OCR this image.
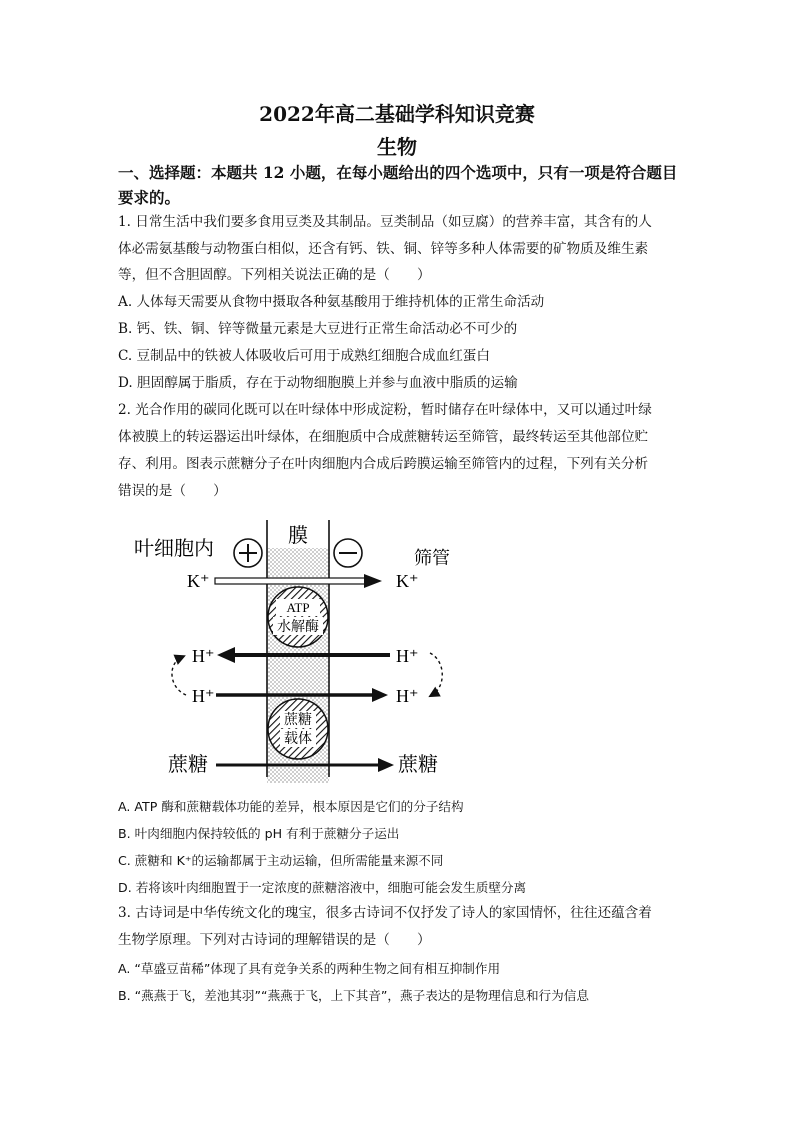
2022年高二基础学科知识竞赛
生物
一、选择题：本题共 12 小题，在每小题给出的四个选项中，只有一项是符合题目要求的。
1. 日常生活中我们要多食用豆类及其制品。豆类制品（如豆腐）的营养丰富，其含有的人
体必需氨基酸与动物蛋白相似，还含有钙、铁、铜、锌等多种人体需要的矿物质及维生素
等，但不含胆固醇。下列相关说法正确的是（　　）
A. 人体每天需要从食物中摄取各种氨基酸用于维持机体的正常生命活动
B. 钙、铁、铜、锌等微量元素是大豆进行正常生命活动必不可少的
C. 豆制品中的铁被人体吸收后可用于成熟红细胞合成血红蛋白
D. 胆固醇属于脂质，存在于动物细胞膜上并参与血液中脂质的运输
2. 光合作用的碳同化既可以在叶绿体中形成淀粉，暂时储存在叶绿体中，又可以通过叶绿
体被膜上的转运器运出叶绿体，在细胞质中合成蔗糖转运至筛管，最终转运至其他部位贮
存、利用。图表示蔗糖分子在叶肉细胞内合成后跨膜运输至筛管内的过程，下列有关分析
错误的是（　　）
膜
叶细胞内	筛管
K⁺	K⁺
ATP
水解酶
H⁺	H⁺
H⁺	H⁺
蔗糖
载体
蔗糖	蔗糖
A. ATP 酶和蔗糖载体功能的差异，根本原因是它们的分子结构
B. 叶肉细胞内保持较低的 pH 有利于蔗糖分子运出
C. 蔗糖和 K⁺的运输都属于主动运输，但所需能量来源不同
D. 若将该叶肉细胞置于一定浓度的蔗糖溶液中，细胞可能会发生质壁分离
3. 古诗词是中华传统文化的瑰宝，很多古诗词不仅抒发了诗人的家国情怀，往往还蕴含着
生物学原理。下列对古诗词的理解错误的是（　　）
A. “草盛豆苗稀”体现了具有竞争关系的两种生物之间有相互抑制作用
B. “燕燕于飞，差池其羽”“燕燕于飞，上下其音”，燕子表达的是物理信息和行为信息
